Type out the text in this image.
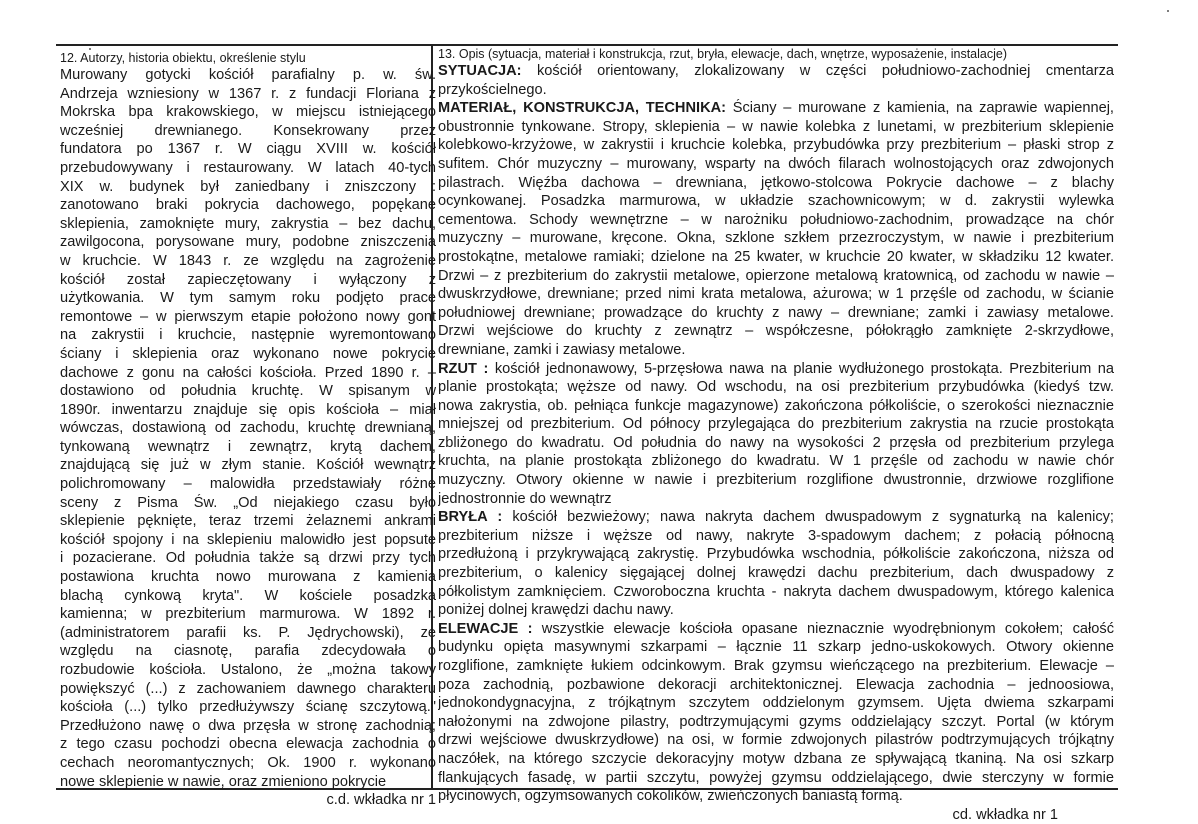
12. Autorzy, historia obiektu, określenie stylu
Murowany gotycki kościół parafialny p. w. św.
Andrzeja wzniesiony w 1367 r. z fundacji Floriana z
Mokrska bpa krakowskiego, w miejscu istniejącego
wcześniej drewnianego. Konsekrowany przez
fundatora po 1367 r. W ciągu XVIII w. kościół
przebudowywany i restaurowany. W latach 40-tych
XIX w. budynek był zaniedbany i zniszczony :
zanotowano braki pokrycia dachowego, popękane
sklepienia, zamoknięte mury, zakrystia – bez dachu,
zawilgocona, porysowane mury, podobne zniszczenia
w kruchcie. W 1843 r. ze względu na zagrożenie
kościół został zapieczętowany i wyłączony z
użytkowania. W tym samym roku podjęto prace
remontowe – w pierwszym etapie położono nowy gont
na zakrystii i kruchcie, następnie wyremontowano
ściany i sklepienia oraz wykonano nowe pokrycie
dachowe z gonu na całości kościoła. Przed 1890 r. –
dostawiono od południa kruchtę. W spisanym w
1890r. inwentarzu znajduje się opis kościoła – miał
wówczas, dostawioną od zachodu, kruchtę drewnianą,
tynkowaną wewnątrz i zewnątrz, krytą dachem,
znajdującą się już w złym stanie. Kościół wewnątrz
polichromowany – malowidła przedstawiały różne
sceny z Pisma Św. „Od niejakiego czasu było
sklepienie pęknięte, teraz trzemi żelaznemi ankrami
kościół spojony i na sklepieniu malowidło jest popsute
i pozacierane. Od południa także są drzwi przy tych
postawiona kruchta nowo murowana z kamienia
blachą cynkową kryta". W kościele posadzka
kamienna; w prezbiterium marmurowa. W 1892 r.
(administratorem parafii ks. P. Jędrychowski), ze
względu na ciasnotę, parafia zdecydowała o
rozbudowie kościoła. Ustalono, że „można takowy
powiększyć (...) z zachowaniem dawnego charakteru
kościoła (...) tylko przedłużywszy ścianę szczytową."
Przedłużono nawę o dwa przęsła w stronę zachodnią;
z tego czasu pochodzi obecna elewacja zachodnia o
cechach neoromantycznych; Ok. 1900 r. wykonano
nowe sklepienie w nawie, oraz zmieniono pokrycie
c.d. wkładka nr 1
13. Opis (sytuacja, materiał i konstrukcja, rzut, bryła, elewacje, dach, wnętrze, wyposażenie, instalacje)
SYTUACJA: kościół orientowany, zlokalizowany w części południowo-zachodniej cmentarza
przykościelnego.
MATERIAŁ, KONSTRUKCJA, TECHNIKA: Ściany – murowane z kamienia, na zaprawie wapiennej,
obustronnie tynkowane. Stropy, sklepienia – w nawie kolebka z lunetami, w prezbiterium sklepienie
kolebkowo-krzyżowe, w zakrystii i kruchcie kolebka, przybudówka przy prezbiterium – płaski strop z
sufitem. Chór muzyczny – murowany, wsparty na dwóch filarach wolnostojących oraz zdwojonych
pilastrach. Więźba dachowa – drewniana, jętkowo-stolcowa Pokrycie dachowe – z blachy
ocynkowanej. Posadzka marmurowa, w układzie szachownicowym; w d. zakrystii wylewka
cementowa. Schody wewnętrzne – w narożniku południowo-zachodnim, prowadzące na chór
muzyczny – murowane, kręcone. Okna, szklone szkłem przezroczystym, w nawie i prezbiterium
prostokątne, metalowe ramiaki; dzielone na 25 kwater, w kruchcie 20 kwater, w składziku 12 kwater.
Drzwi – z prezbiterium do zakrystii metalowe, opierzone metalową kratownicą, od zachodu w nawie –
dwuskrzydłowe, drewniane; przed nimi krata metalowa, ażurowa; w 1 przęśle od zachodu, w ścianie
południowej drewniane; prowadzące do kruchty z nawy – drewniane; zamki i zawiasy metalowe.
Drzwi wejściowe do kruchty z zewnątrz – współczesne, półokrągło zamknięte 2-skrzydłowe,
drewniane, zamki i zawiasy metalowe.
RZUT : kościół jednonawowy, 5-przęsłowa nawa na planie wydłużonego prostokąta. Prezbiterium na
planie prostokąta; węższe od nawy. Od wschodu, na osi prezbiterium przybudówka (kiedyś tzw.
nowa zakrystia, ob. pełniąca funkcje magazynowe) zakończona półkoliście, o szerokości nieznacznie
mniejszej od prezbiterium. Od północy przylegająca do prezbiterium zakrystia na rzucie prostokąta
zbliżonego do kwadratu. Od południa do nawy na wysokości 2 przęsła od prezbiterium przylega
kruchta, na planie prostokąta zbliżonego do kwadratu. W 1 przęśle od zachodu w nawie chór
muzyczny. Otwory okienne w nawie i prezbiterium rozglifione dwustronnie, drzwiowe rozglifione
jednostronnie do wewnątrz
BRYŁA : kościół bezwieżowy; nawa nakryta dachem dwuspadowym z sygnaturką na kalenicy;
prezbiterium niższe i węższe od nawy, nakryte 3-spadowym dachem; z połacią północną
przedłużoną i przykrywającą zakrystię. Przybudówka wschodnia, półkoliście zakończona, niższa od
prezbiterium, o kalenicy sięgającej dolnej krawędzi dachu prezbiterium, dach dwuspadowy z
półkolistym zamknięciem. Czworoboczna kruchta - nakryta dachem dwuspadowym, którego kalenica
poniżej dolnej krawędzi dachu nawy.
ELEWACJE : wszystkie elewacje kościoła opasane nieznacznie wyodrębnionym cokołem; całość
budynku opięta masywnymi szkarpami – łącznie 11 szkarp jedno-uskokowych. Otwory okienne
rozglifione, zamknięte łukiem odcinkowym. Brak gzymsu wieńczącego na prezbiterium. Elewacje –
poza zachodnią, pozbawione dekoracji architektonicznej. Elewacja zachodnia – jednoosiowa,
jednokondygnacyjna, z trójkątnym szczytem oddzielonym gzymsem. Ujęta dwiema szkarpami
nałożonymi na zdwojone pilastry, podtrzymującymi gzyms oddzielający szczyt. Portal (w którym
drzwi wejściowe dwuskrzydłowe) na osi, w formie zdwojonych pilastrów podtrzymujących trójkątny
naczółek, na którego szczycie dekoracyjny motyw dzbana ze spływającą tkaniną. Na osi szkarp
flankujących fasadę, w partii szczytu, powyżej gzymsu oddzielającego, dwie sterczyny w formie
płycinowych, ogzymsowanych cokolików, zwieńczonych baniastą formą.
cd. wkładka nr 1
